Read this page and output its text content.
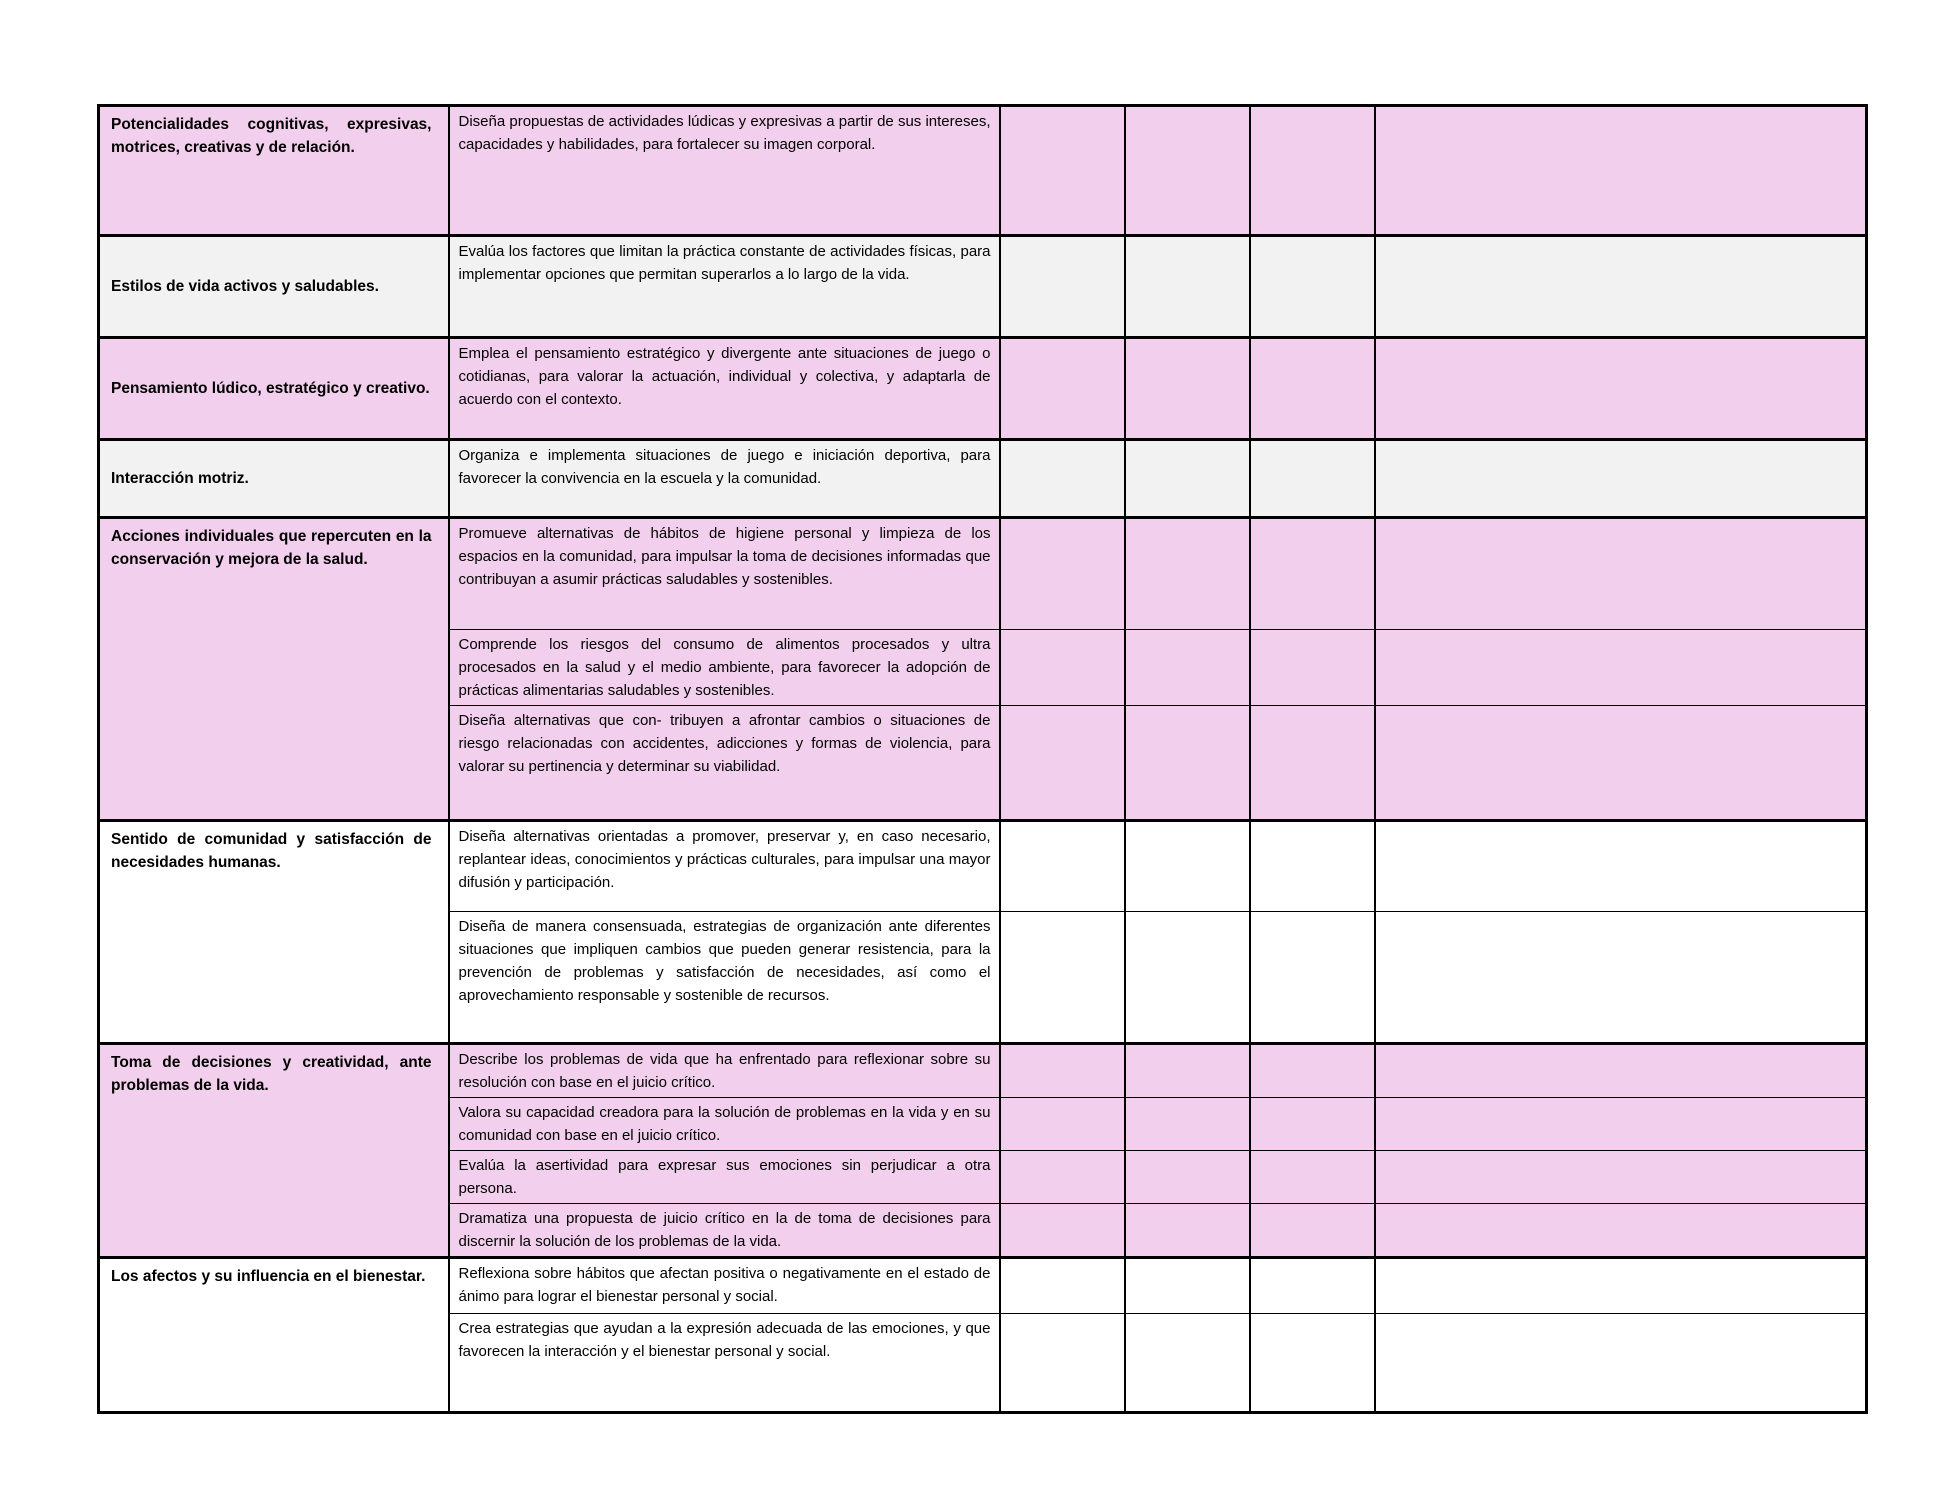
Potencialidades cognitivas, expresivas, motrices, creativas y de relación.	Diseña propuestas de actividades lúdicas y expresivas a partir de sus intereses, capacidades y habilidades, para fortalecer su imagen corporal.				
Estilos de vida activos y saludables.	Evalúa los factores que limitan la práctica constante de actividades físicas, para implementar opciones que permitan superarlos a lo largo de la vida.				
Pensamiento lúdico, estratégico y creativo.	Emplea el pensamiento estratégico y divergente ante situaciones de juego o cotidianas, para valorar la actuación, individual y colectiva, y adaptarla de acuerdo con el contexto.				
Interacción motriz.	Organiza e implementa situaciones de juego e iniciación deportiva, para favorecer la convivencia en la escuela y la comunidad.				
Acciones individuales que repercuten en la conservación y mejora de la salud.	Promueve alternativas de hábitos de higiene personal y limpieza de los espacios en la comunidad, para impulsar la toma de decisiones informadas que contribuyan a asumir prácticas saludables y sostenibles.				
	Comprende los riesgos del consumo de alimentos procesados y ultra procesados en la salud y el medio ambiente, para favorecer la adopción de prácticas alimentarias saludables y sostenibles.				
	Diseña alternativas que con- tribuyen a afrontar cambios o situaciones de riesgo relacionadas con accidentes, adicciones y formas de violencia, para valorar su pertinencia y determinar su viabilidad.				
Sentido de comunidad y satisfacción de necesidades humanas.	Diseña alternativas orientadas a promover, preservar y, en caso necesario, replantear ideas, conocimientos y prácticas culturales, para impulsar una mayor difusión y participación.				
	Diseña de manera consensuada, estrategias de organización ante diferentes situaciones que impliquen cambios que pueden generar resistencia, para la prevención de problemas y satisfacción de necesidades, así como el aprovechamiento responsable y sostenible de recursos.				
Toma de decisiones y creatividad, ante problemas de la vida.	Describe los problemas de vida que ha enfrentado para reflexionar sobre su resolución con base en el juicio crítico.				
	Valora su capacidad creadora para la solución de problemas en la vida y en su comunidad con base en el juicio crítico.				
	Evalúa la asertividad para expresar sus emociones sin perjudicar a otra persona.				
	Dramatiza una propuesta de juicio crítico en la de toma de decisiones para discernir la solución de los problemas de la vida.				
Los afectos y su influencia en el bienestar.	Reflexiona sobre hábitos que afectan positiva o negativamente en el estado de ánimo para lograr el bienestar personal y social.				
	Crea estrategias que ayudan a la expresión adecuada de las emociones, y que favorecen la interacción y el bienestar personal y social.				
